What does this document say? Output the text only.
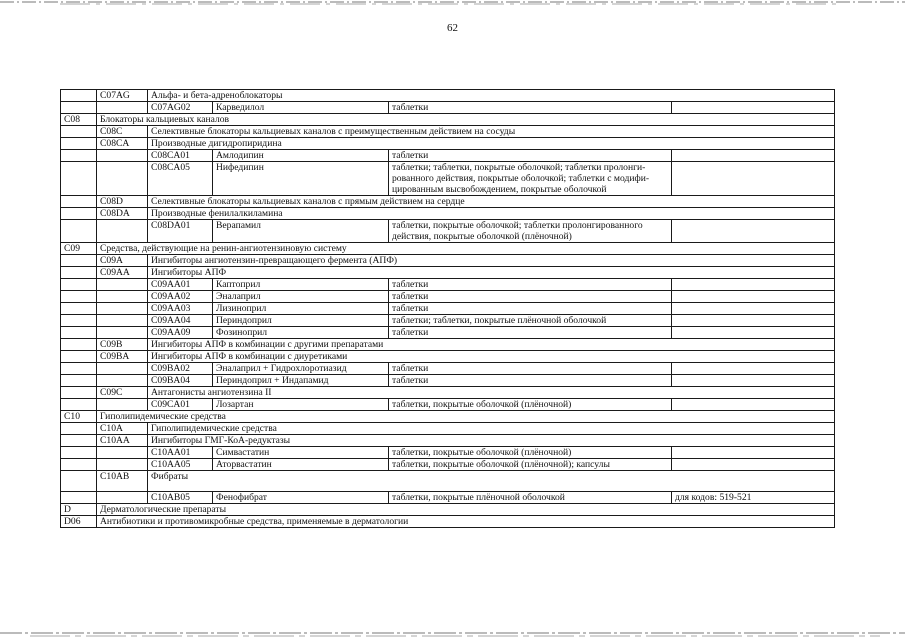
62
	C07AG	Альфа- и бета-адреноблокаторы			
		C07AG02	Карведилол	таблетки	
C08	Блокаторы кальциевых каналов				
	C08C	Селективные блокаторы кальциевых каналов с преимущественным действием на сосуды			
	C08CA	Производные дигидропиридина			
		C08CA01	Амлодипин	таблетки	
		C08CA05	Нифедипин	таблетки; таблетки, покрытые оболочкой; таблетки пролонги-рованного действия, покрытые оболочкой; таблетки с модифи-цированным высвобождением, покрытые оболочкой	
	C08D	Селективные блокаторы кальциевых каналов с прямым действием на сердце			
	C08DA	Производные фенилалкиламина			
		C08DA01	Верапамил	таблетки, покрытые оболочкой; таблетки пролонгированного действия, покрытые оболочкой (плёночной)	
C09	Средства, действующие на ренин-ангиотензиновую систему				
	C09A	Ингибиторы ангиотензин-превращающего фермента (АПФ)			
	C09AA	Ингибиторы АПФ			
		C09AA01	Каптоприл	таблетки	
		C09AA02	Эналаприл	таблетки	
		C09AA03	Лизиноприл	таблетки	
		C09AA04	Периндоприл	таблетки; таблетки, покрытые плёночной оболочкой	
		C09AA09	Фозиноприл	таблетки	
	C09B	Ингибиторы АПФ в комбинации с другими препаратами			
	C09BA	Ингибиторы АПФ в комбинации с диуретиками			
		C09BA02	Эналаприл + Гидрохлоротиазид	таблетки	
		C09BA04	Периндоприл + Индапамид	таблетки	
	C09C	Антагонисты ангиотензина II			
		C09CA01	Лозартан	таблетки, покрытые оболочкой (плёночной)	
C10	Гиполипидемические средства				
	C10A	Гиполипидемические средства			
	C10AA	Ингибиторы ГМГ-КоА-редуктазы			
		C10AA01	Симвастатин	таблетки, покрытые оболочкой (плёночной)	
		C10AA05	Аторвастатин	таблетки, покрытые оболочкой (плёночной); капсулы	
	C10AB	Фибраты			
		C10AB05	Фенофибрат	таблетки, покрытые плёночной оболочкой	для кодов: 519-521
D	Дерматологические препараты				
D06	Антибиотики и противомикробные средства, применяемые в дерматологии				
